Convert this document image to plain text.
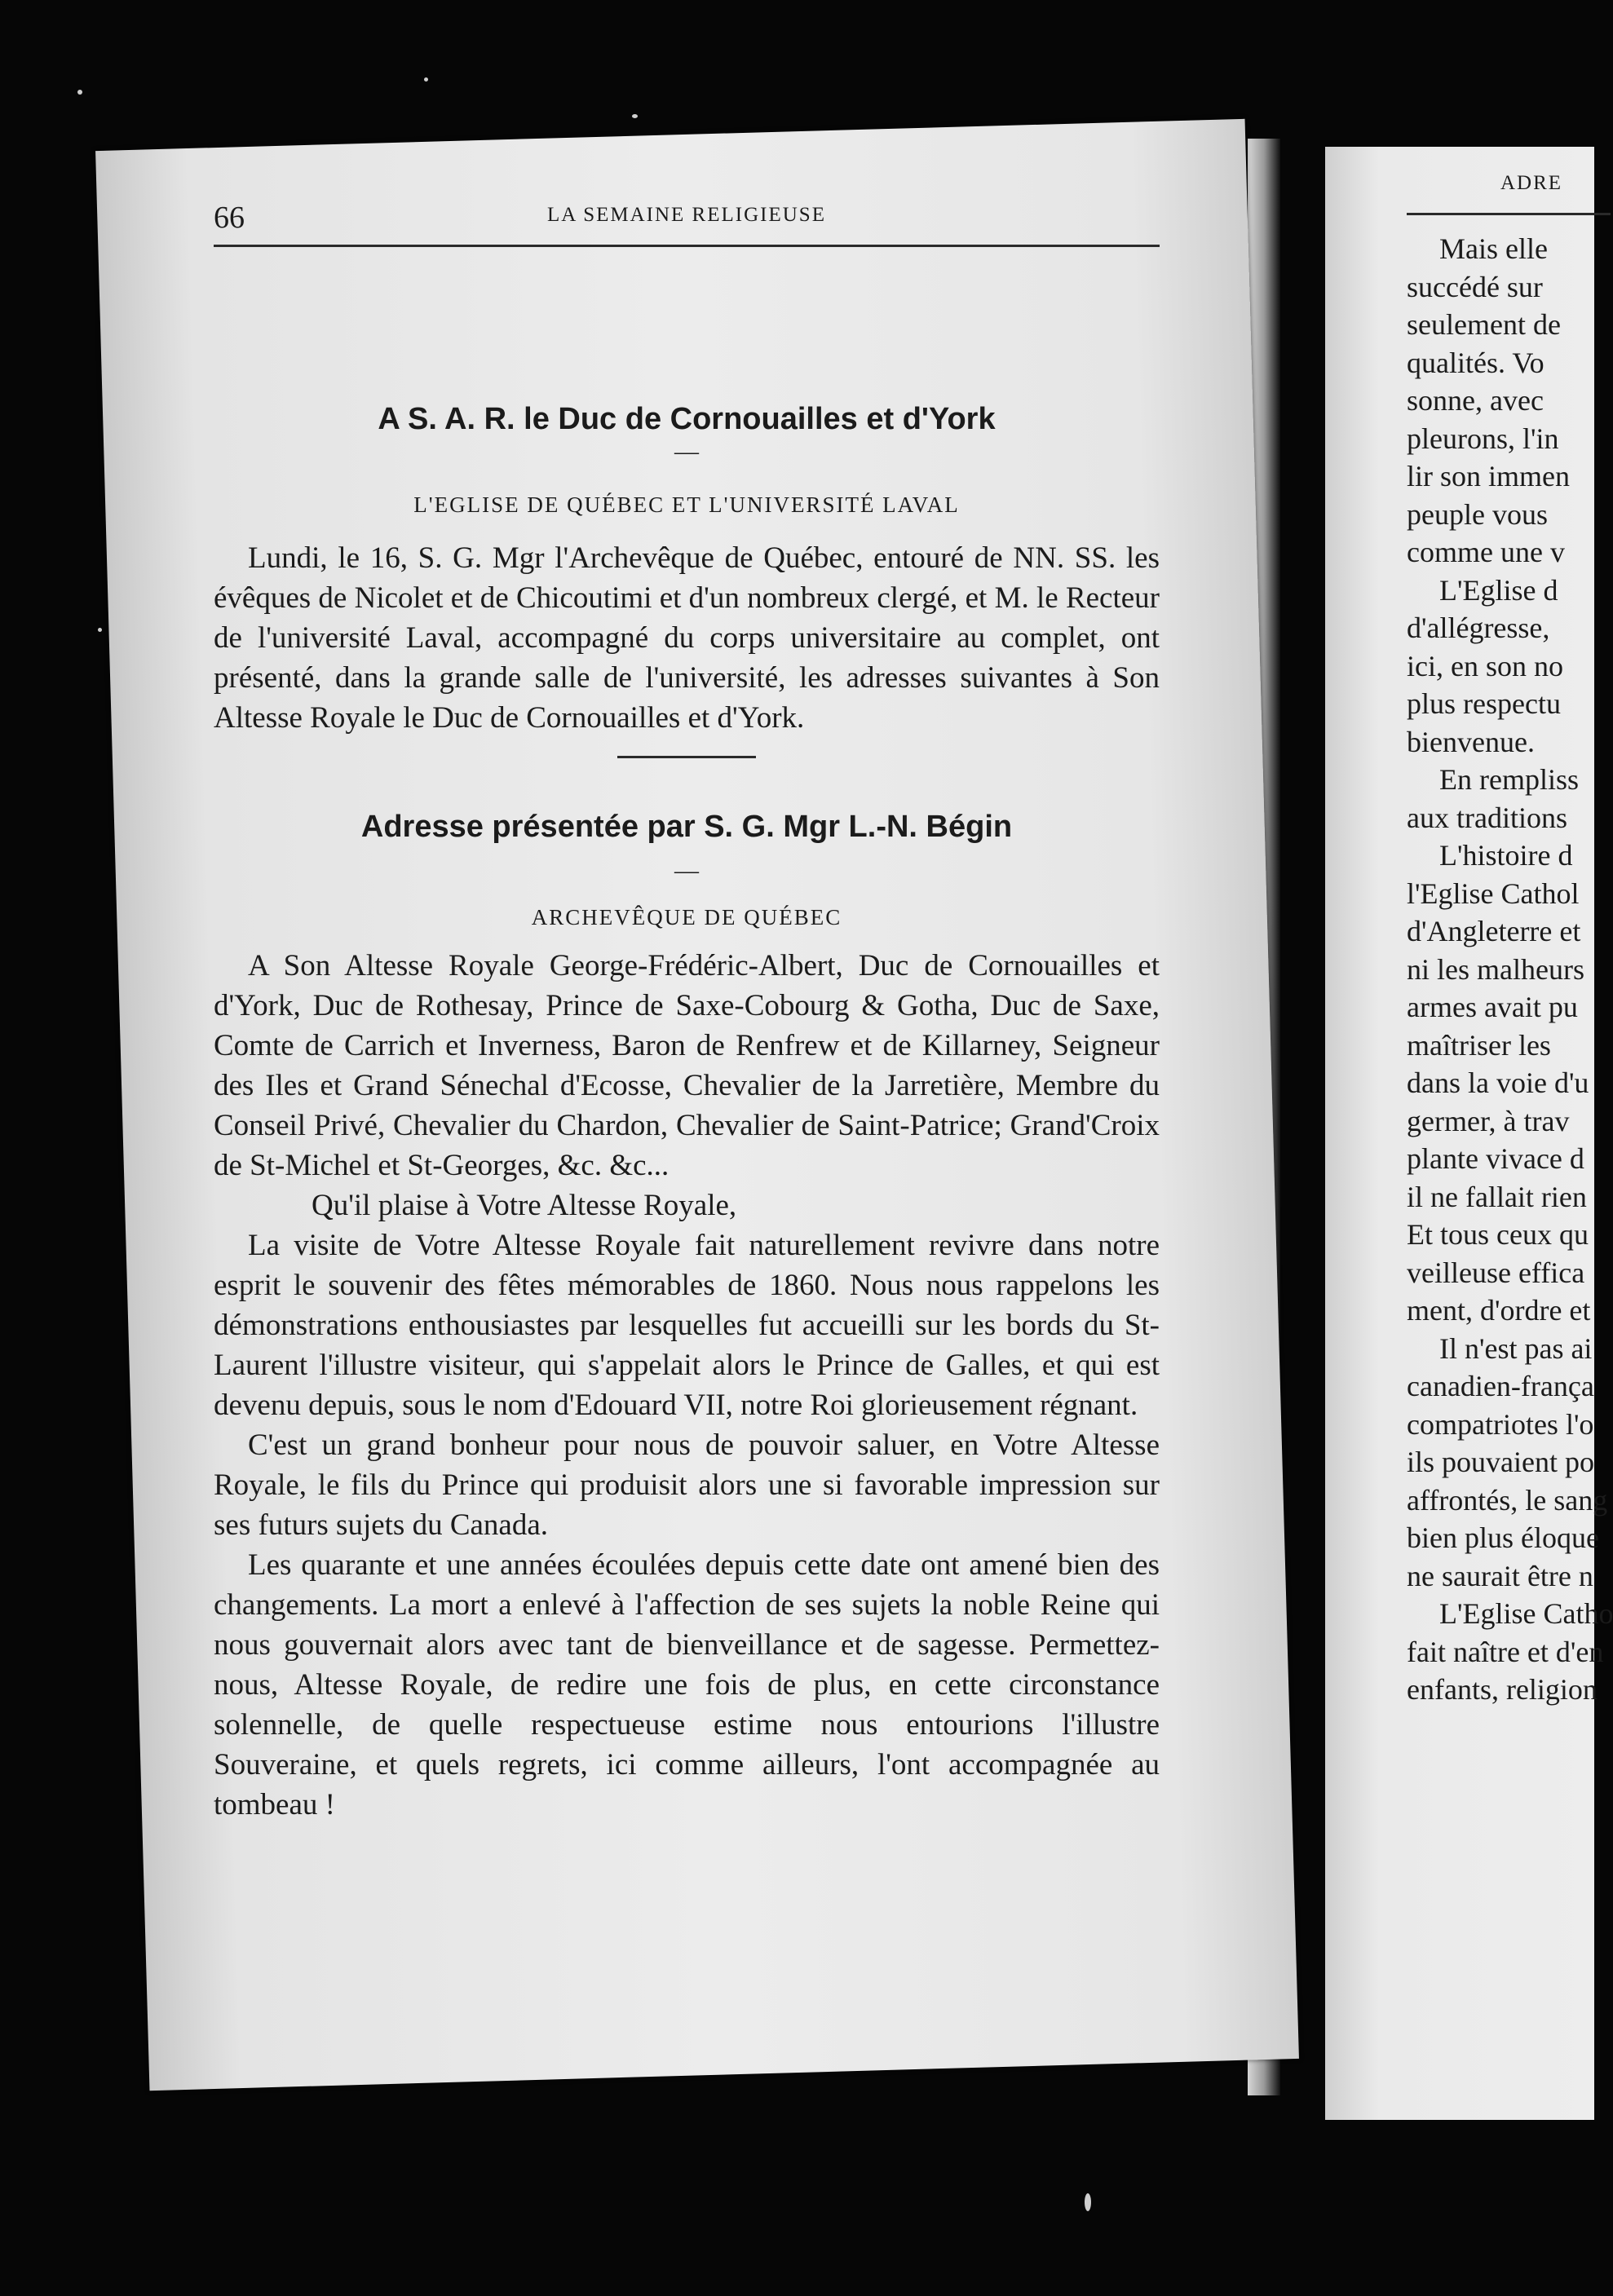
66	LA SEMAINE RELIGIEUSE
A S. A. R. le Duc de Cornouailles et d'York
—
L'EGLISE DE QUÉBEC ET L'UNIVERSITÉ LAVAL

Lundi, le 16, S. G. Mgr l'Archevêque de Québec, entouré de NN. SS. les évêques de Nicolet et de Chicoutimi et d'un nombreux clergé, et M. le Recteur de l'université Laval, accompagné du corps universitaire au complet, ont présenté, dans la grande salle de l'université, les adresses suivantes à Son Altesse Royale le Duc de Cornouailles et d'York.

Adresse présentée par S. G. Mgr L.-N. Bégin
—
ARCHEVÊQUE DE QUÉBEC

A Son Altesse Royale George-Frédéric-Albert, Duc de Cornouailles et d'York, Duc de Rothesay, Prince de Saxe-Cobourg & Gotha, Duc de Saxe, Comte de Carrich et Inverness, Baron de Renfrew et de Killarney, Seigneur des Iles et Grand Sénechal d'Ecosse, Chevalier de la Jarretière, Membre du Conseil Privé, Chevalier du Chardon, Chevalier de Saint-Patrice; Grand'Croix de St-Michel et St-Georges, &c. &c...

Qu'il plaise à Votre Altesse Royale,

La visite de Votre Altesse Royale fait naturellement revivre dans notre esprit le souvenir des fêtes mémorables de 1860. Nous nous rappelons les démonstrations enthousiastes par lesquelles fut accueilli sur les bords du St-Laurent l'illustre visiteur, qui s'appelait alors le Prince de Galles, et qui est devenu depuis, sous le nom d'Edouard VII, notre Roi glorieusement régnant.

C'est un grand bonheur pour nous de pouvoir saluer, en Votre Altesse Royale, le fils du Prince qui produisit alors une si favorable impression sur ses futurs sujets du Canada.

Les quarante et une années écoulées depuis cette date ont amené bien des changements. La mort a enlevé à l'affection de ses sujets la noble Reine qui nous gouvernait alors avec tant de bienveillance et de sagesse. Permettez-nous, Altesse Royale, de redire une fois de plus, en cette circonstance solennelle, de quelle respectueuse estime nous entourions l'illustre Souveraine, et quels regrets, ici comme ailleurs, l'ont accompagnée au tombeau !

ADRE
Mais elle
succédé sur
seulement de
qualités. Vo
sonne, avec
pleurons, l'in
lir son immen
peuple vous
comme une v
L'Eglise d
d'allégresse,
ici, en son no
plus respectu
bienvenue.
En rempliss
aux traditions
L'histoire d
l'Eglise Cathol
d'Angleterre et
ni les malheurs
armes avait pu
maîtriser les
dans la voie d'u
germer, à trav
plante vivace d
il ne fallait rien
Et tous ceux qu
veilleuse effica
ment, d'ordre et
Il n'est pas ai
canadien-frança
compatriotes l'o
ils pouvaient po
affrontés, le sang
bien plus éloque
ne saurait être n
L'Eglise Catho
fait naître et d'en
enfants, religion
